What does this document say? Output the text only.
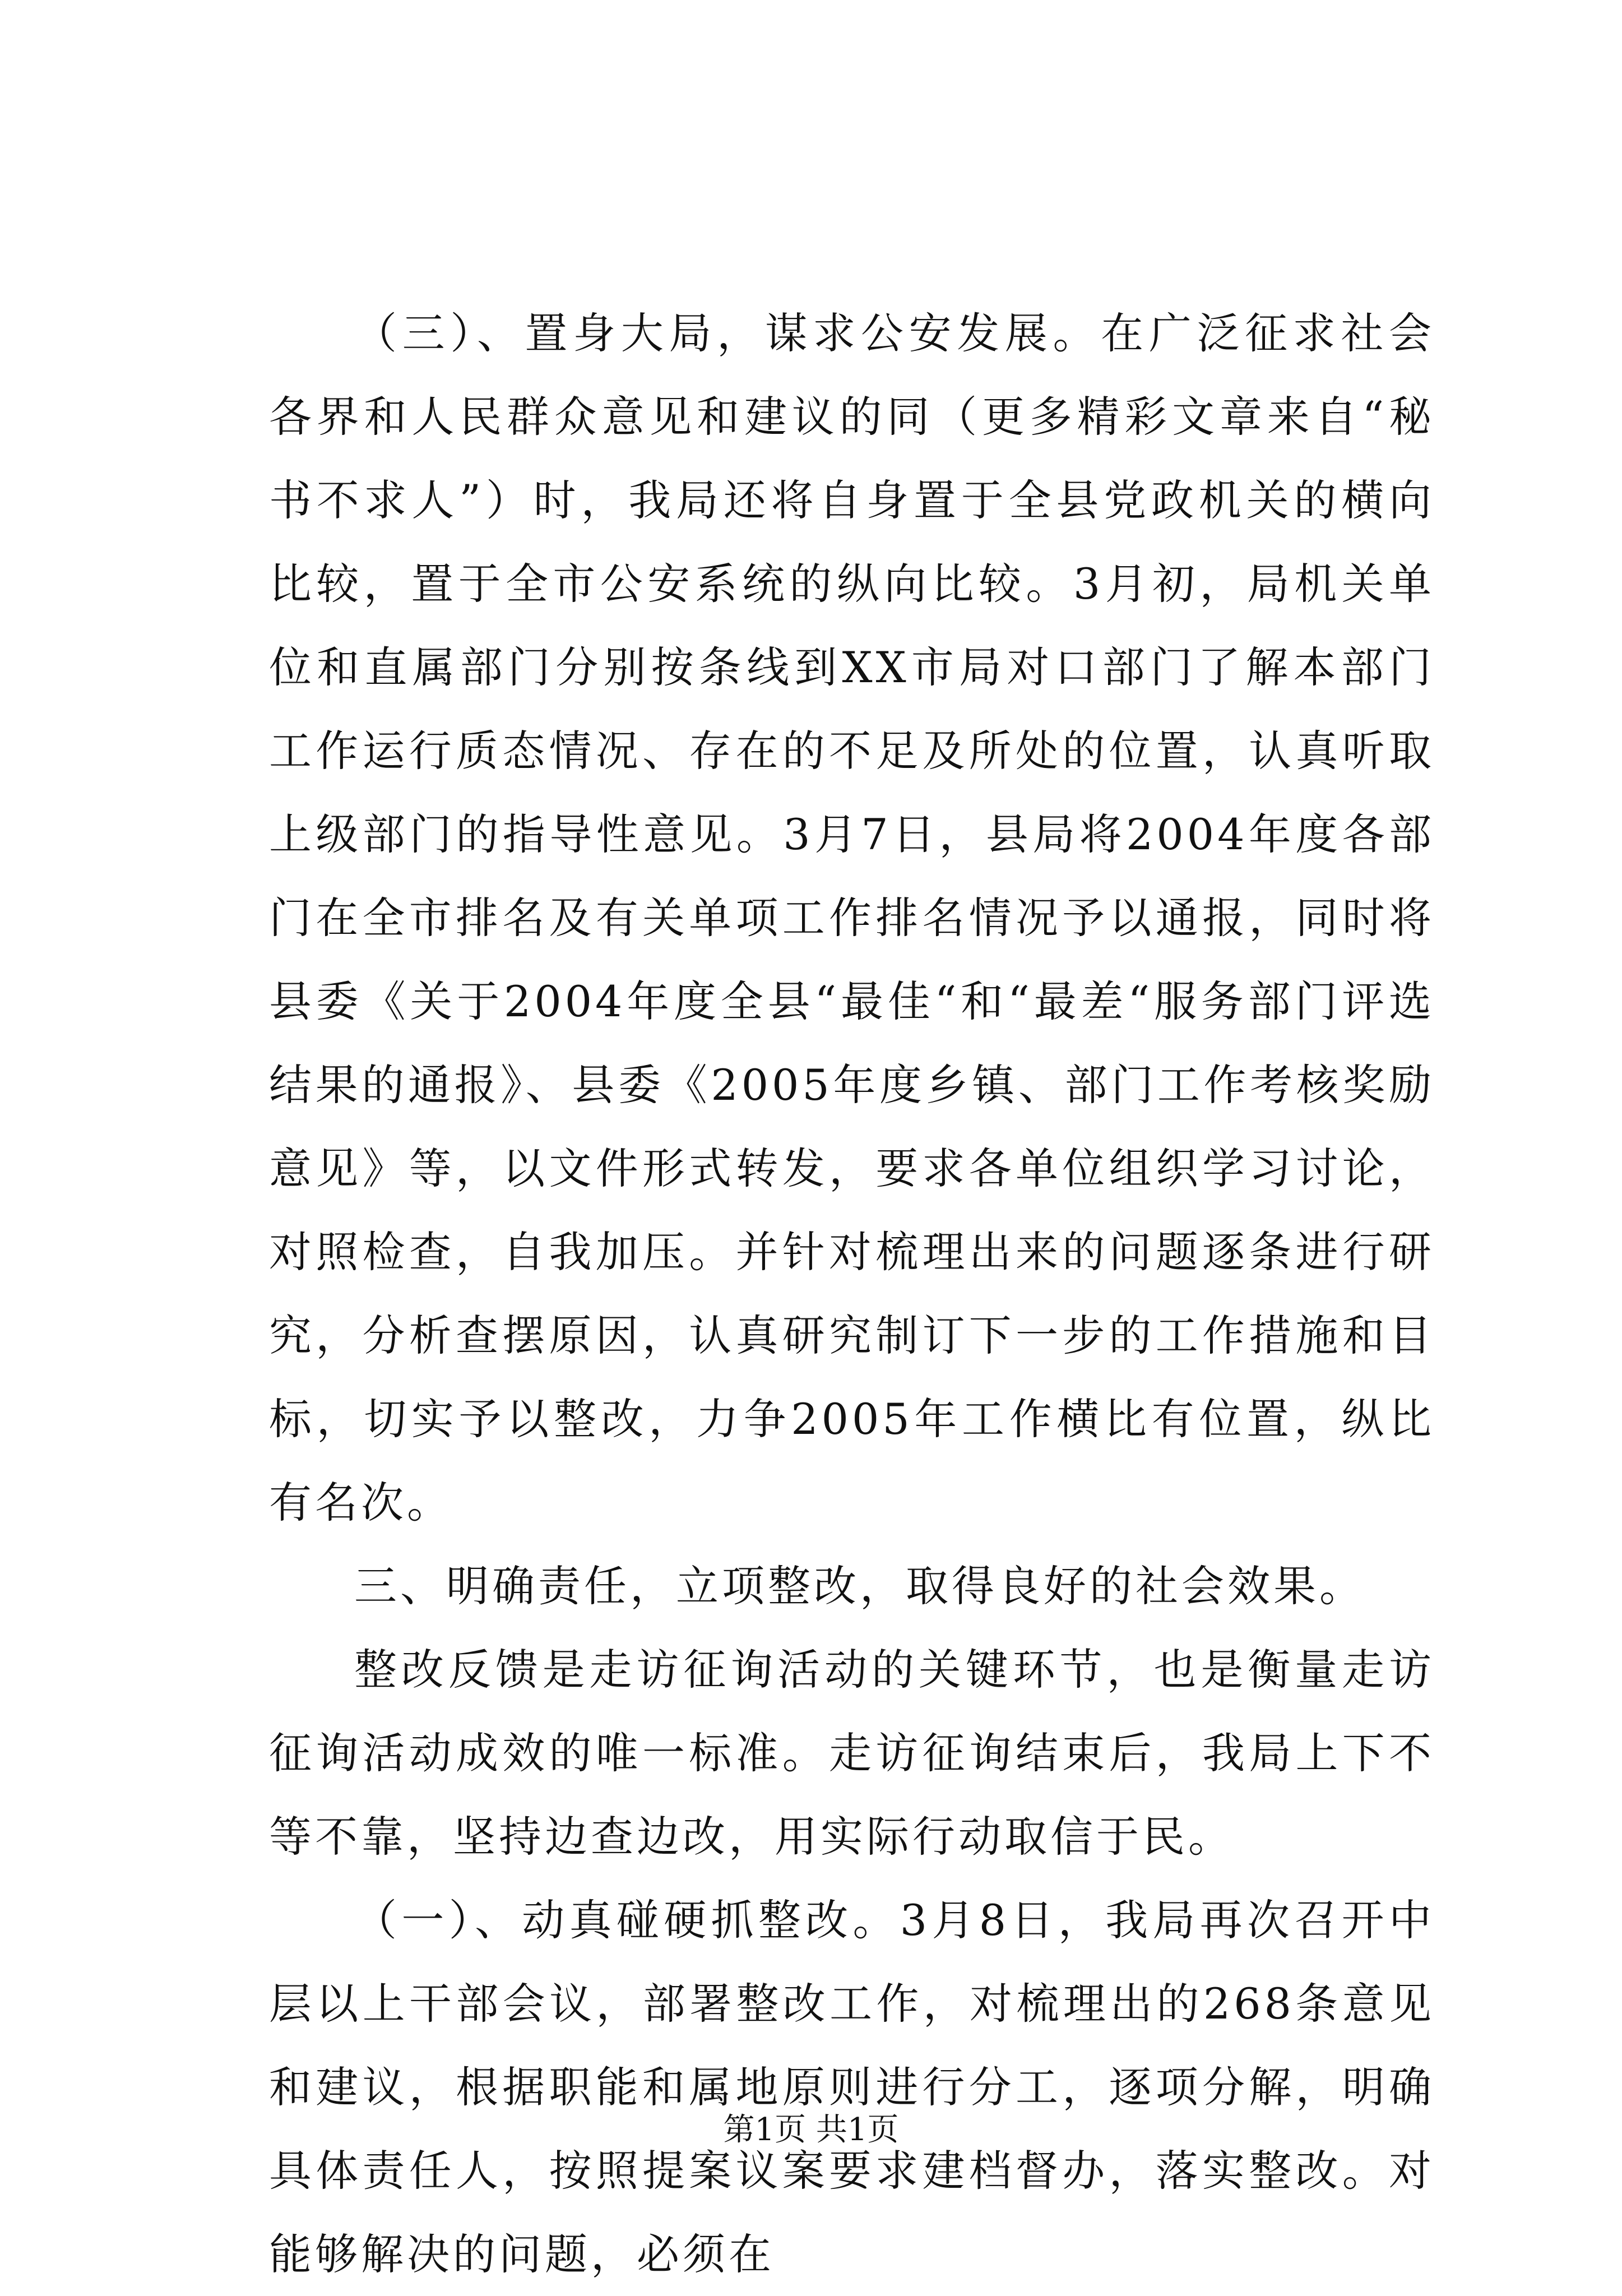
（三）、置身大局，谋求公安发展。在广泛征求社会各界和人民群众意见和建议的同（更多精彩文章来自“秘书不求人”）时，我局还将自身置于全县党政机关的横向比较，置于全市公安系统的纵向比较。3月初，局机关单位和直属部门分别按条线到XX市局对口部门了解本部门工作运行质态情况、存在的不足及所处的位置，认真听取上级部门的指导性意见。3月7日，县局将2004年度各部门在全市排名及有关单项工作排名情况予以通报，同时将县委《关于2004年度全县“最佳“和“最差“服务部门评选结果的通报》、县委《2005年度乡镇、部门工作考核奖励意见》等，以文件形式转发，要求各单位组织学习讨论，对照检查，自我加压。并针对梳理出来的问题逐条进行研究，分析查摆原因，认真研究制订下一步的工作措施和目标，切实予以整改，力争2005年工作横比有位置，纵比有名次。

三、明确责任，立项整改，取得良好的社会效果。

整改反馈是走访征询活动的关键环节，也是衡量走访征询活动成效的唯一标准。走访征询结束后，我局上下不等不靠，坚持边查边改，用实际行动取信于民。

（一）、动真碰硬抓整改。3月8日，我局再次召开中层以上干部会议，部署整改工作，对梳理出的268条意见和建议，根据职能和属地原则进行分工，逐项分解，明确具体责任人，按照提案议案要求建档督办，落实整改。对能够解决的问题，必须在

第1页 共1页
